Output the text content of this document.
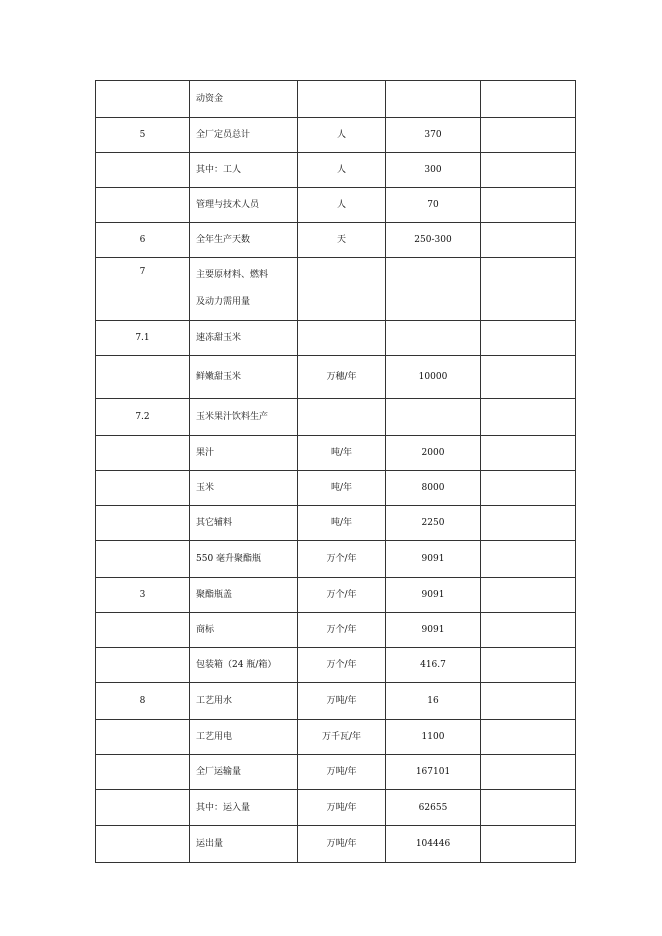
	动资金			
5	全厂定员总计	人	370	
	其中：工人	人	300	
	管理与技术人员	人	70	
6	全年生产天数	天	250-300	
7	主要原材料、燃料
及动力需用量			

7.1	速冻甜玉米			
	鲜嫩甜玉米	万穗/年	10000	
7.2	玉米果汁饮料生产			
	果汁	吨/年	2000	
	玉米	吨/年	8000	
	其它辅料	吨/年	2250	
	550 毫升聚酯瓶	万个/年	9091	
3	聚酯瓶盖	万个/年	9091	
	商标	万个/年	9091	
	包装箱（24 瓶/箱）	万个/年	416.7	
8	工艺用水	万吨/年	16	
	工艺用电	万千瓦/年	1100	
	全厂运输量	万吨/年	167101	
	其中：运入量	万吨/年	62655	
	运出量	万吨/年	104446	
